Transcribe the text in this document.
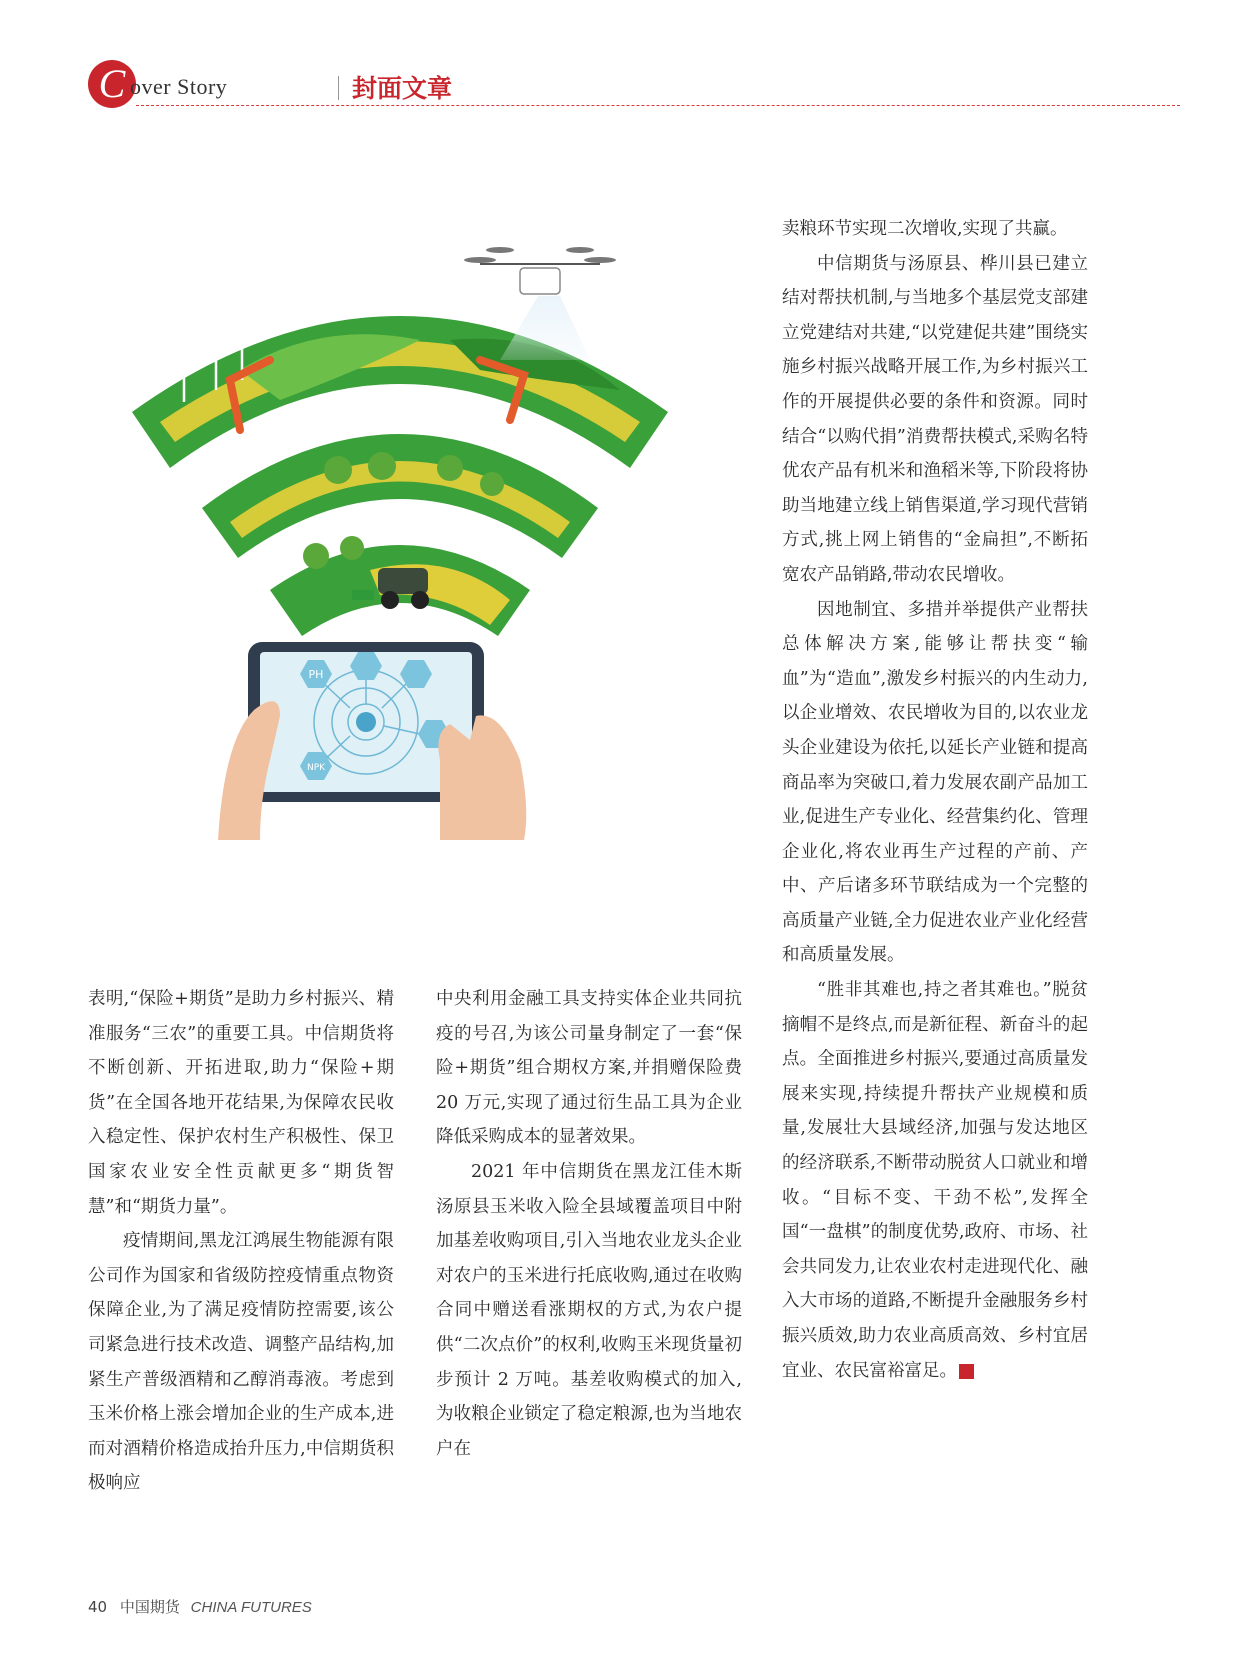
C over Story	封面文章
PH
NPK

表明,“保险+期货”是助力乡村振兴、精准服务“三农”的重要工具。中信期货将不断创新、开拓进取,助力“保险+期货”在全国各地开花结果,为保障农民收入稳定性、保护农村生产积极性、保卫国家农业安全性贡献更多“期货智慧”和“期货力量”。

疫情期间,黑龙江鸿展生物能源有限公司作为国家和省级防控疫情重点物资保障企业,为了满足疫情防控需要,该公司紧急进行技术改造、调整产品结构,加紧生产普级酒精和乙醇消毒液。考虑到玉米价格上涨会增加企业的生产成本,进而对酒精价格造成抬升压力,中信期货积极响应

中央利用金融工具支持实体企业共同抗疫的号召,为该公司量身制定了一套“保险+期货”组合期权方案,并捐赠保险费 20 万元,实现了通过衍生品工具为企业降低采购成本的显著效果。

2021 年中信期货在黑龙江佳木斯汤原县玉米收入险全县域覆盖项目中附加基差收购项目,引入当地农业龙头企业对农户的玉米进行托底收购,通过在收购合同中赠送看涨期权的方式,为农户提供“二次点价”的权利,收购玉米现货量初步预计 2 万吨。基差收购模式的加入,为收粮企业锁定了稳定粮源,也为当地农户在

卖粮环节实现二次增收,实现了共赢。

中信期货与汤原县、桦川县已建立结对帮扶机制,与当地多个基层党支部建立党建结对共建,“以党建促共建”围绕实施乡村振兴战略开展工作,为乡村振兴工作的开展提供必要的条件和资源。同时结合“以购代捐”消费帮扶模式,采购名特优农产品有机米和渔稻米等,下阶段将协助当地建立线上销售渠道,学习现代营销方式,挑上网上销售的“金扁担”,不断拓宽农产品销路,带动农民增收。

因地制宜、多措并举提供产业帮扶总体解决方案,能够让帮扶变“输血”为“造血”,激发乡村振兴的内生动力,以企业增效、农民增收为目的,以农业龙头企业建设为依托,以延长产业链和提高商品率为突破口,着力发展农副产品加工业,促进生产专业化、经营集约化、管理企业化,将农业再生产过程的产前、产中、产后诸多环节联结成为一个完整的高质量产业链,全力促进农业产业化经营和高质量发展。

“胜非其难也,持之者其难也。”脱贫摘帽不是终点,而是新征程、新奋斗的起点。全面推进乡村振兴,要通过高质量发展来实现,持续提升帮扶产业规模和质量,发展壮大县域经济,加强与发达地区的经济联系,不断带动脱贫人口就业和增收。“目标不变、干劲不松”,发挥全国“一盘棋”的制度优势,政府、市场、社会共同发力,让农业农村走进现代化、融入大市场的道路,不断提升金融服务乡村振兴质效,助力农业高质高效、乡村宜居宜业、农民富裕富足。	田

40 中国期货 CHINA FUTURES
